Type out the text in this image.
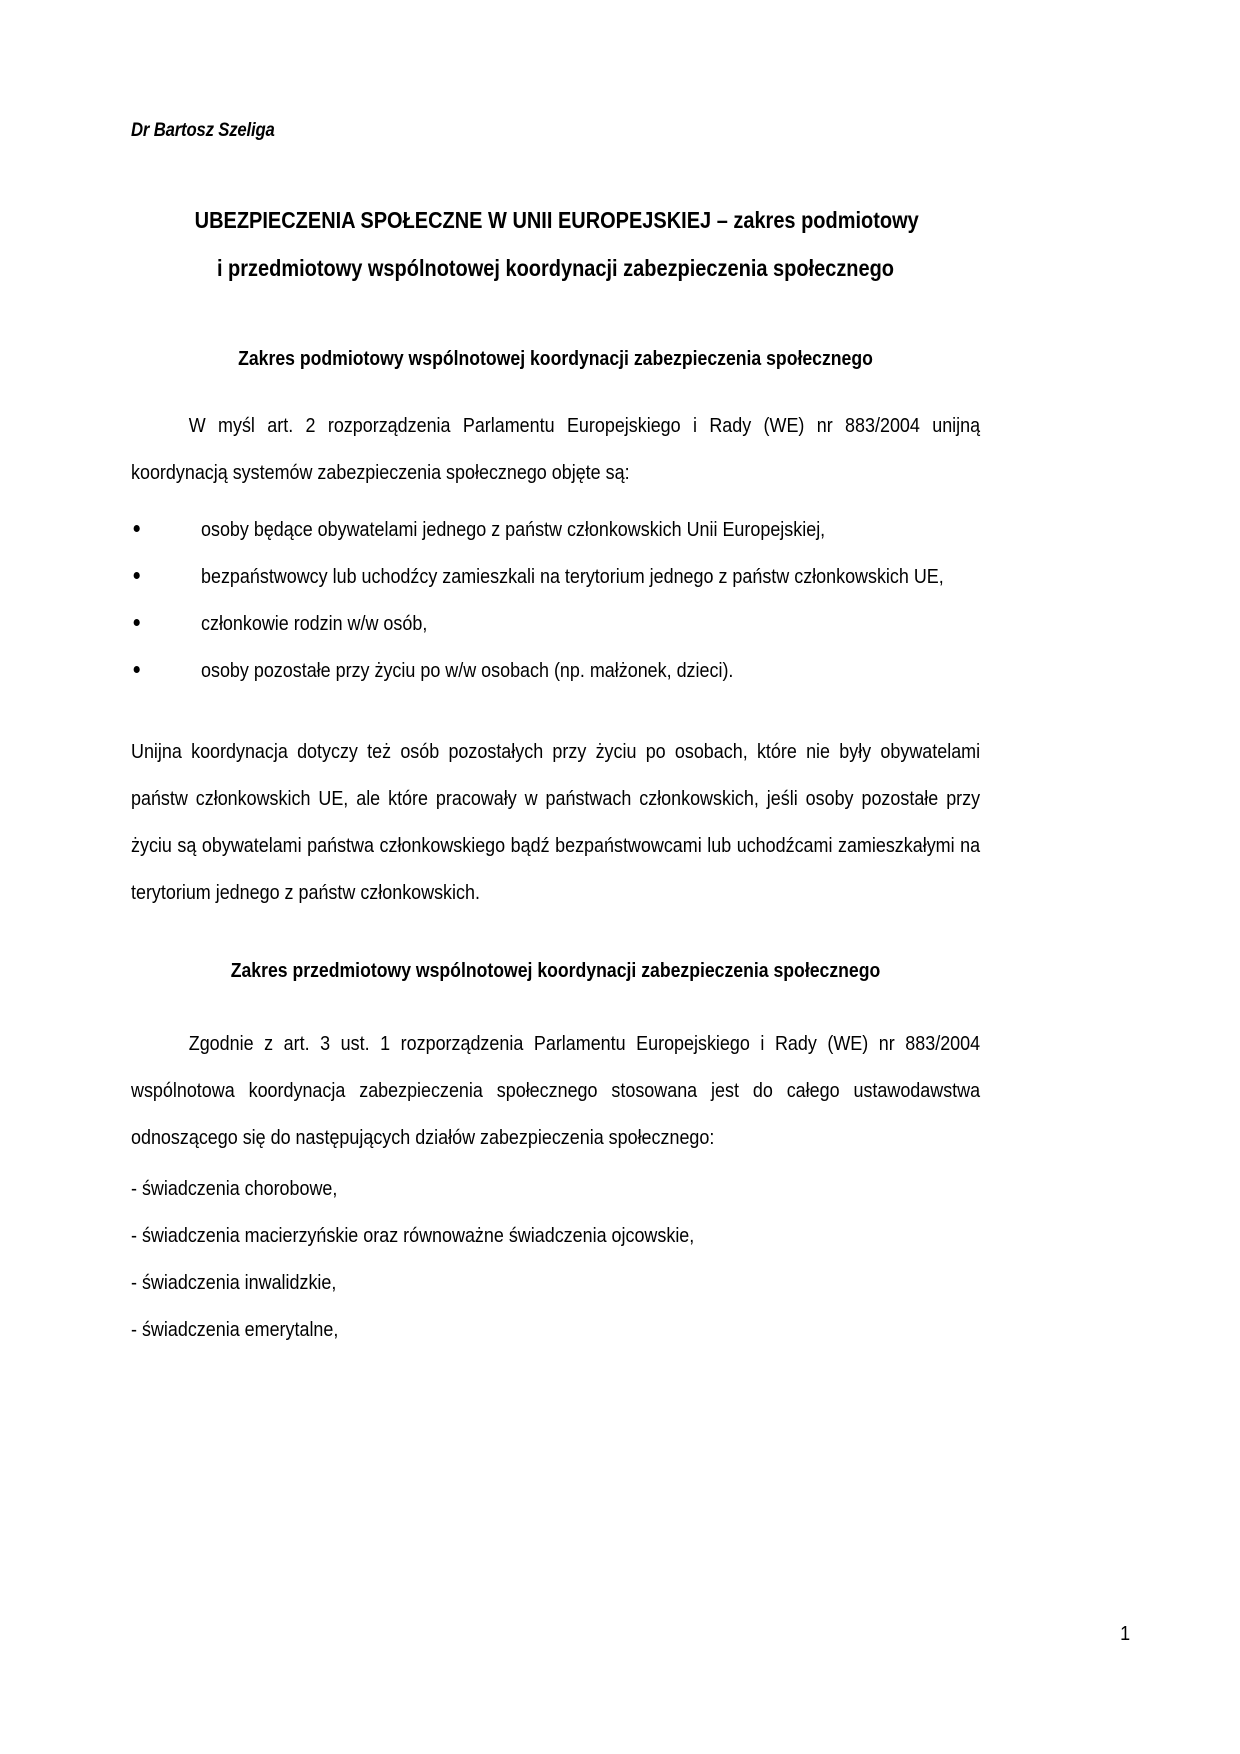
Dr Bartosz Szeliga
UBEZPIECZENIA SPOŁECZNE W UNII EUROPEJSKIEJ – zakres podmiotowy
i przedmiotowy wspólnotowej koordynacji zabezpieczenia społecznego
Zakres podmiotowy wspólnotowej koordynacji zabezpieczenia społecznego

W myśl art. 2 rozporządzenia Parlamentu Europejskiego i Rady (WE) nr 883/2004 unijną koordynacją systemów zabezpieczenia społecznego objęte są:

osoby będące obywatelami jednego z państw członkowskich Unii Europejskiej,
bezpaństwowcy lub uchodźcy zamieszkali na terytorium jednego z państw członkowskich UE,
członkowie rodzin w/w osób,
osoby pozostałe przy życiu po w/w osobach (np. małżonek, dzieci).

Unijna koordynacja dotyczy też osób pozostałych przy życiu po osobach, które nie były obywatelami państw członkowskich UE, ale które pracowały w państwach członkowskich, jeśli osoby pozostałe przy życiu są obywatelami państwa członkowskiego bądź bezpaństwowcami lub uchodźcami zamieszkałymi na terytorium jednego z państw członkowskich.

Zakres przedmiotowy wspólnotowej koordynacji zabezpieczenia społecznego

Zgodnie z art. 3 ust. 1 rozporządzenia Parlamentu Europejskiego i Rady (WE) nr 883/2004 wspólnotowa koordynacja zabezpieczenia społecznego stosowana jest do całego ustawodawstwa odnoszącego się do następujących działów zabezpieczenia społecznego:

- świadczenia chorobowe,
- świadczenia macierzyńskie oraz równoważne świadczenia ojcowskie,
- świadczenia inwalidzkie,
- świadczenia emerytalne,
1
